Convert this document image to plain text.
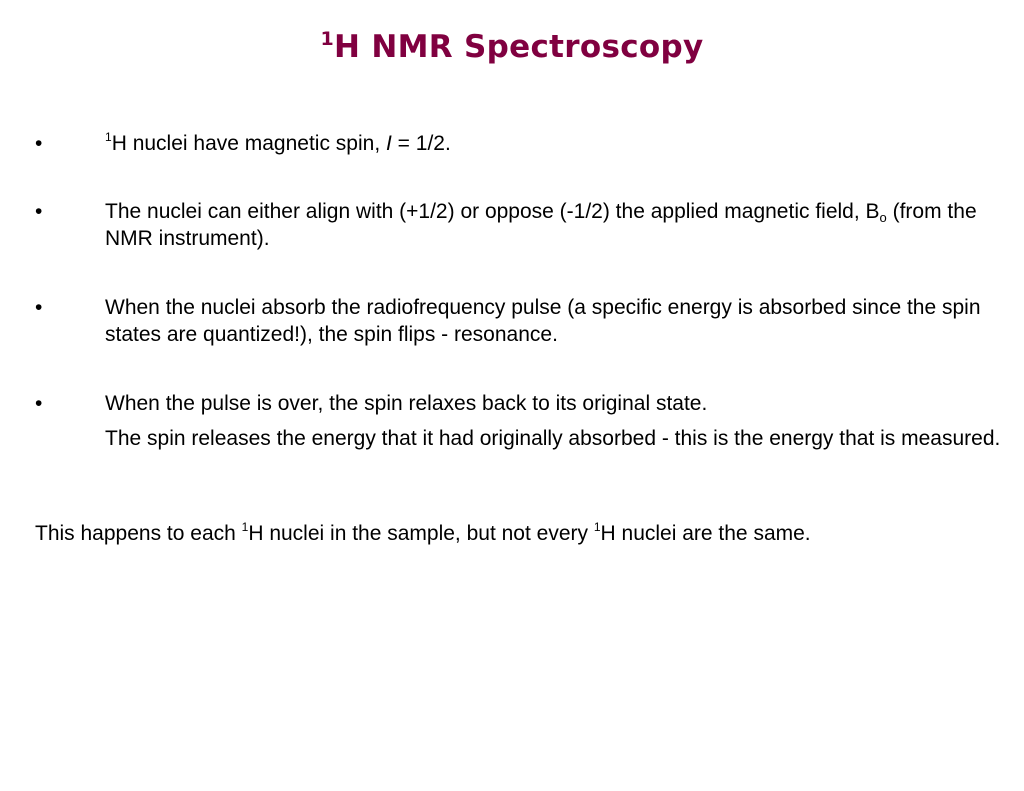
$^1$H NMR Spectroscopy
•	$^1$H nuclei have magnetic spin, I = 1/2.

•	The nuclei can either align with (+1/2) or oppose (-1/2) the applied magnetic field, $B_o$ (from the NMR instrument).

•	When the nuclei absorb the radiofrequency pulse (a specific energy is absorbed since the spin states are quantized!), the spin flips - resonance.

•	When the pulse is over, the spin relaxes back to its original state.

The spin releases the energy that it had originally absorbed - this is the energy that is measured.

This happens to each $^1$H nuclei in the sample, but not every $^1$H nuclei are the same.
